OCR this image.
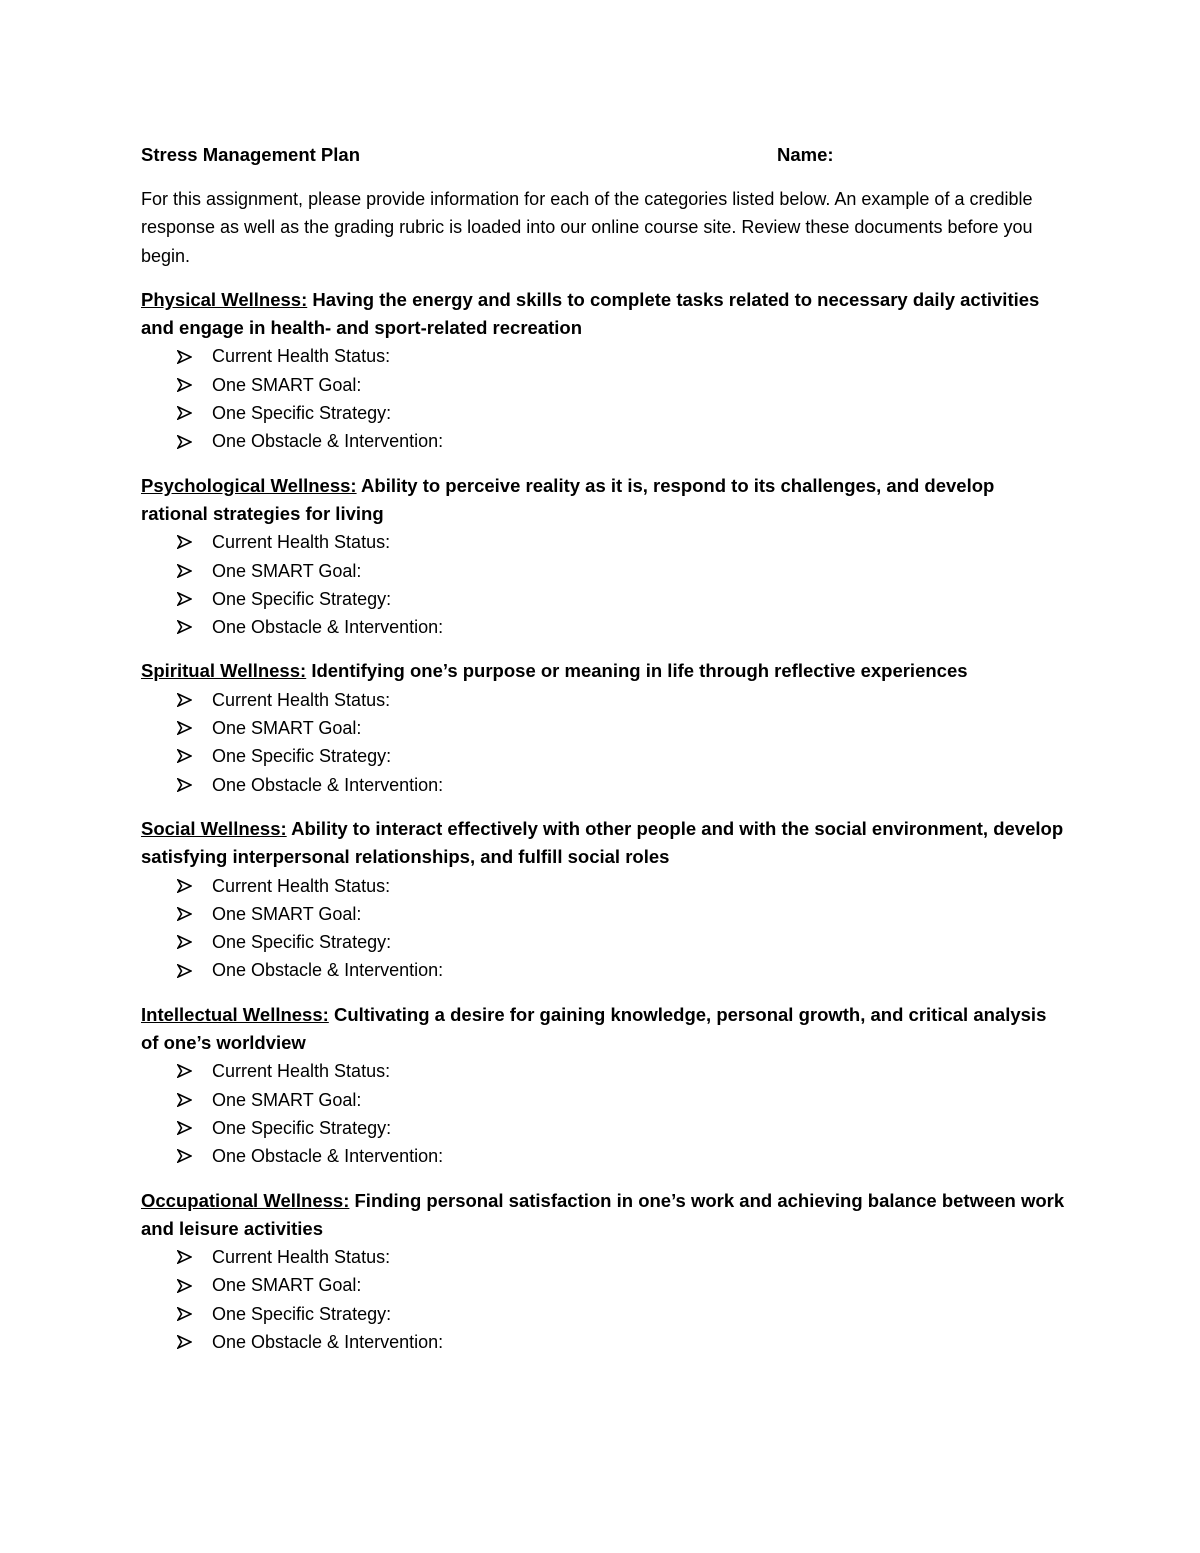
Stress Management Plan	Name:
For this assignment, please provide information for each of the categories listed below. An example of a credible response as well as the grading rubric is loaded into our online course site. Review these documents before you begin.
Physical Wellness: Having the energy and skills to complete tasks related to necessary daily activities and engage in health- and sport-related recreation
Current Health Status:
One SMART Goal:
One Specific Strategy:
One Obstacle & Intervention:
Psychological Wellness: Ability to perceive reality as it is, respond to its challenges, and develop rational strategies for living
Current Health Status:
One SMART Goal:
One Specific Strategy:
One Obstacle & Intervention:
Spiritual Wellness: Identifying one’s purpose or meaning in life through reflective experiences
Current Health Status:
One SMART Goal:
One Specific Strategy:
One Obstacle & Intervention:
Social Wellness: Ability to interact effectively with other people and with the social environment, develop satisfying interpersonal relationships, and fulfill social roles
Current Health Status:
One SMART Goal:
One Specific Strategy:
One Obstacle & Intervention:
Intellectual Wellness: Cultivating a desire for gaining knowledge, personal growth, and critical analysis of one’s worldview
Current Health Status:
One SMART Goal:
One Specific Strategy:
One Obstacle & Intervention:
Occupational Wellness: Finding personal satisfaction in one’s work and achieving balance between work and leisure activities
Current Health Status:
One SMART Goal:
One Specific Strategy:
One Obstacle & Intervention:
